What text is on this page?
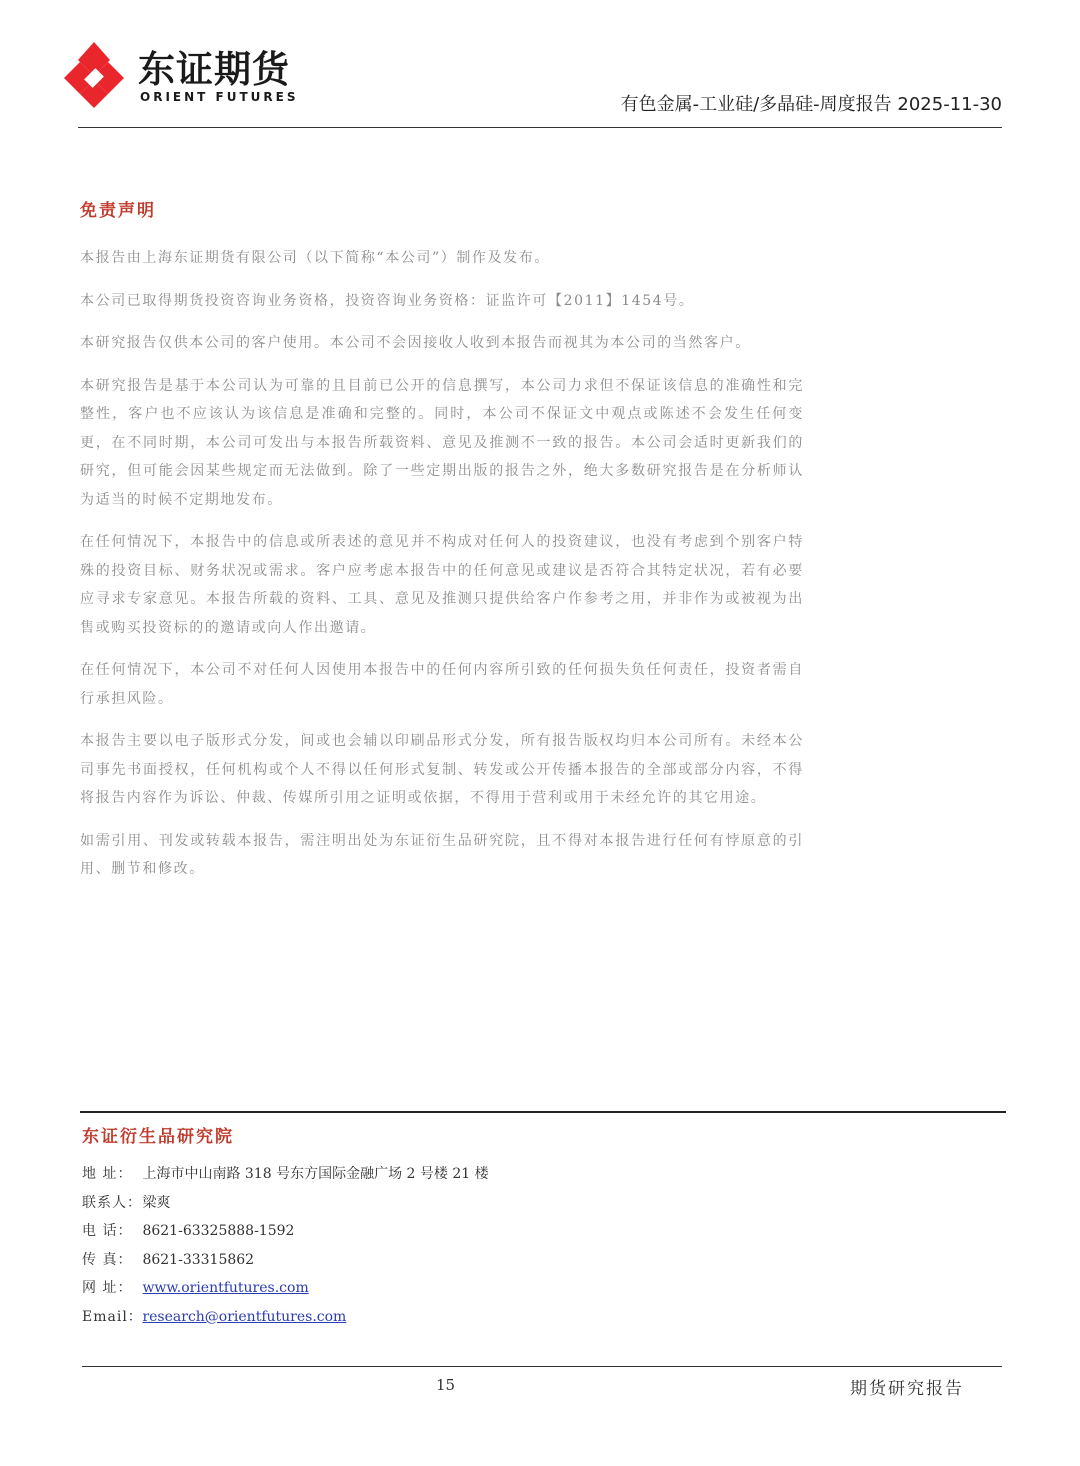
东证期货
ORIENT FUTURES	有色金属-工业硅/多晶硅-周度报告 2025-11-30
免责声明

本报告由上海东证期货有限公司（以下简称“本公司”）制作及发布。

本公司已取得期货投资咨询业务资格，投资咨询业务资格：证监许可【2011】1454号。

本研究报告仅供本公司的客户使用。本公司不会因接收人收到本报告而视其为本公司的当然客户。

本研究报告是基于本公司认为可靠的且目前已公开的信息撰写，本公司力求但不保证该信息的准确性和完整性，客户也不应该认为该信息是准确和完整的。同时，本公司不保证文中观点或陈述不会发生任何变更，在不同时期，本公司可发出与本报告所载资料、意见及推测不一致的报告。本公司会适时更新我们的研究，但可能会因某些规定而无法做到。除了一些定期出版的报告之外，绝大多数研究报告是在分析师认为适当的时候不定期地发布。

在任何情况下，本报告中的信息或所表述的意见并不构成对任何人的投资建议，也没有考虑到个别客户特殊的投资目标、财务状况或需求。客户应考虑本报告中的任何意见或建议是否符合其特定状况，若有必要应寻求专家意见。本报告所载的资料、工具、意见及推测只提供给客户作参考之用，并非作为或被视为出售或购买投资标的的邀请或向人作出邀请。

在任何情况下，本公司不对任何人因使用本报告中的任何内容所引致的任何损失负任何责任，投资者需自行承担风险。

本报告主要以电子版形式分发，间或也会辅以印刷品形式分发，所有报告版权均归本公司所有。未经本公司事先书面授权，任何机构或个人不得以任何形式复制、转发或公开传播本报告的全部或部分内容，不得将报告内容作为诉讼、仲裁、传媒所引用之证明或依据，不得用于营利或用于未经允许的其它用途。

如需引用、刊发或转载本报告，需注明出处为东证衍生品研究院，且不得对本报告进行任何有悖原意的引用、删节和修改。

东证衍生品研究院
地 址： 上海市中山南路 318 号东方国际金融广场 2 号楼 21 楼
联系人： 梁爽
电 话： 8621-63325888-1592
传 真： 8621-33315862
网 址： www.orientfutures.com
Email： research@orientfutures.com
15	期货研究报告
